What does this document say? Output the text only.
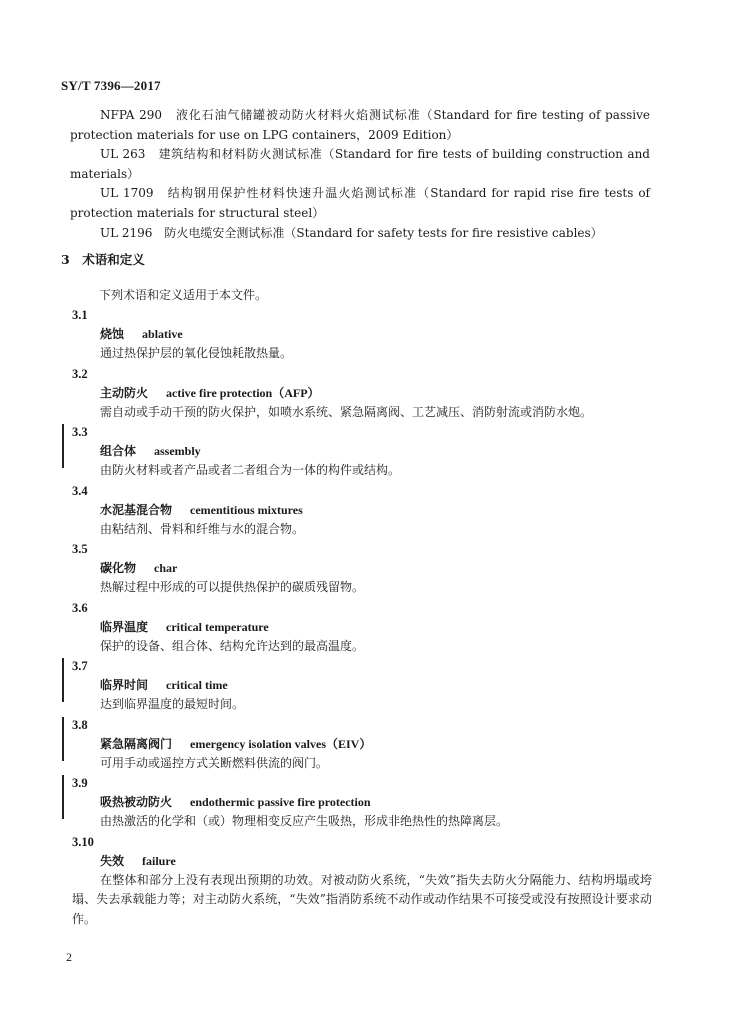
SY/T 7396—2017

NFPA 290　液化石油气储罐被动防火材料火焰测试标准（Standard for fire testing of passive protection materials for use on LPG containers，2009 Edition）

UL 263　建筑结构和材料防火测试标准（Standard for fire tests of building construction and materials）

UL 1709　结构钢用保护性材料快速升温火焰测试标准（Standard for rapid rise fire tests of protection materials for structural steel）

UL 2196　防火电缆安全测试标准（Standard for safety tests for fire resistive cables）

3　术语和定义
下列术语和定义适用于本文件。
3.1
烧蚀 ablative
通过热保护层的氧化侵蚀耗散热量。
3.2
主动防火 active fire protection（AFP）
需自动或手动干预的防火保护，如喷水系统、紧急隔离阀、工艺减压、消防射流或消防水炮。
3.3
组合体 assembly
由防火材料或者产品或者二者组合为一体的构件或结构。
3.4
水泥基混合物 cementitious mixtures
由粘结剂、骨料和纤维与水的混合物。
3.5
碳化物 char
热解过程中形成的可以提供热保护的碳质残留物。
3.6
临界温度 critical temperature
保护的设备、组合体、结构允许达到的最高温度。
3.7
临界时间 critical time
达到临界温度的最短时间。
3.8
紧急隔离阀门 emergency isolation valves（EIV）
可用手动或遥控方式关断燃料供流的阀门。
3.9
吸热被动防火 endothermic passive fire protection
由热激活的化学和（或）物理相变反应产生吸热，形成非绝热性的热障离层。
3.10
失效 failure
在整体和部分上没有表现出预期的功效。对被动防火系统，“失效”指失去防火分隔能力、结构坍塌或垮塌、失去承载能力等；对主动防火系统，“失效”指消防系统不动作或动作结果不可接受或没有按照设计要求动作。
2
